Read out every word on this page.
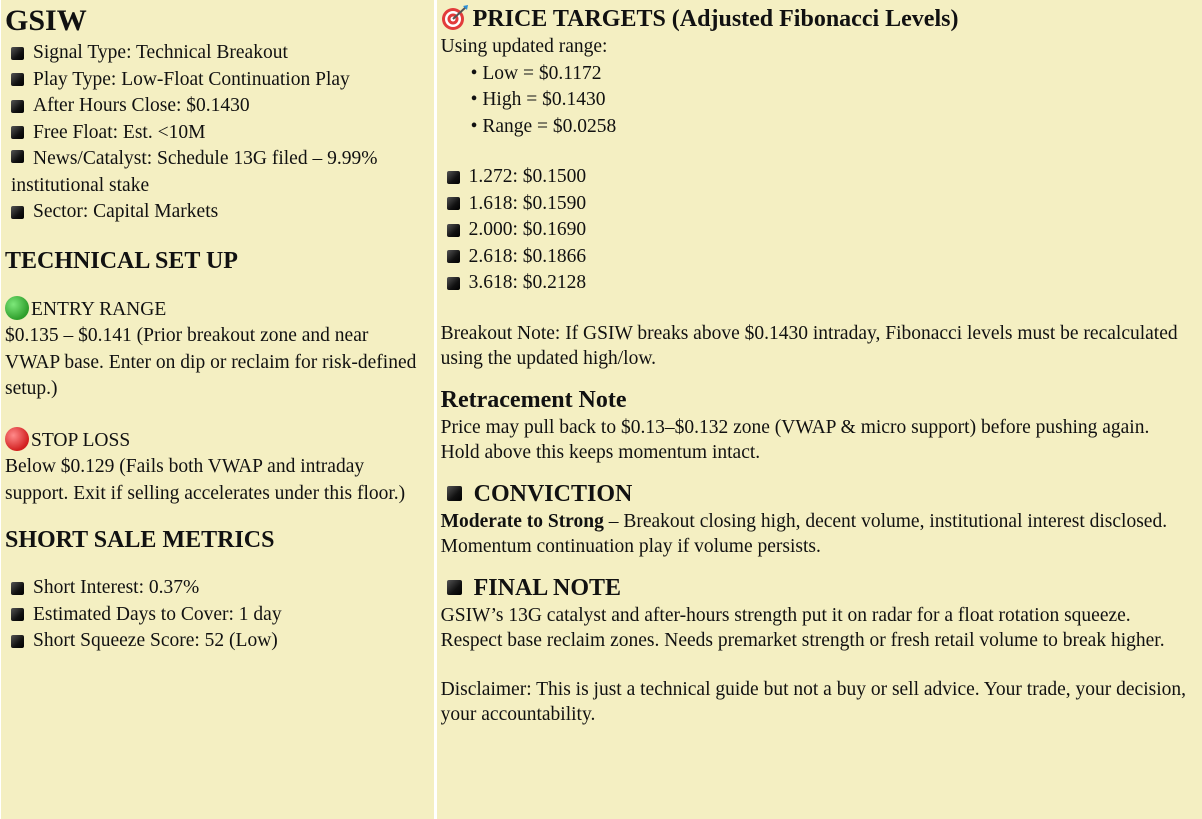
GSIW

Signal Type: Technical Breakout

Play Type: Low-Float Continuation Play

After Hours Close: $0.1430

Free Float: Est. <10M

News/Catalyst: Schedule 13G filed – 9.99% institutional stake

Sector: Capital Markets

TECHNICAL SET UP

ENTRY RANGE

$0.135 – $0.141 (Prior breakout zone and near VWAP base. Enter on dip or reclaim for risk-defined setup.)

STOP LOSS

Below $0.129 (Fails both VWAP and intraday support. Exit if selling accelerates under this floor.)

SHORT SALE METRICS

Short Interest: 0.37%

Estimated Days to Cover: 1 day

Short Squeeze Score: 52 (Low)

PRICE TARGETS (Adjusted Fibonacci Levels)

Using updated range:

• Low = $0.1172

• High = $0.1430

• Range = $0.0258

1.272: $0.1500

1.618: $0.1590

2.000: $0.1690

2.618: $0.1866

3.618: $0.2128

Breakout Note: If GSIW breaks above $0.1430 intraday, Fibonacci levels must be recalculated using the updated high/low.

Retracement Note

Price may pull back to $0.13–$0.132 zone (VWAP & micro support) before pushing again. Hold above this keeps momentum intact.

CONVICTION

Moderate to Strong – Breakout closing high, decent volume, institutional interest disclosed. Momentum continuation play if volume persists.

FINAL NOTE

GSIW’s 13G catalyst and after-hours strength put it on radar for a float rotation squeeze. Respect base reclaim zones. Needs premarket strength or fresh retail volume to break higher.

Disclaimer: This is just a technical guide but not a buy or sell advice. Your trade, your decision, your accountability.
